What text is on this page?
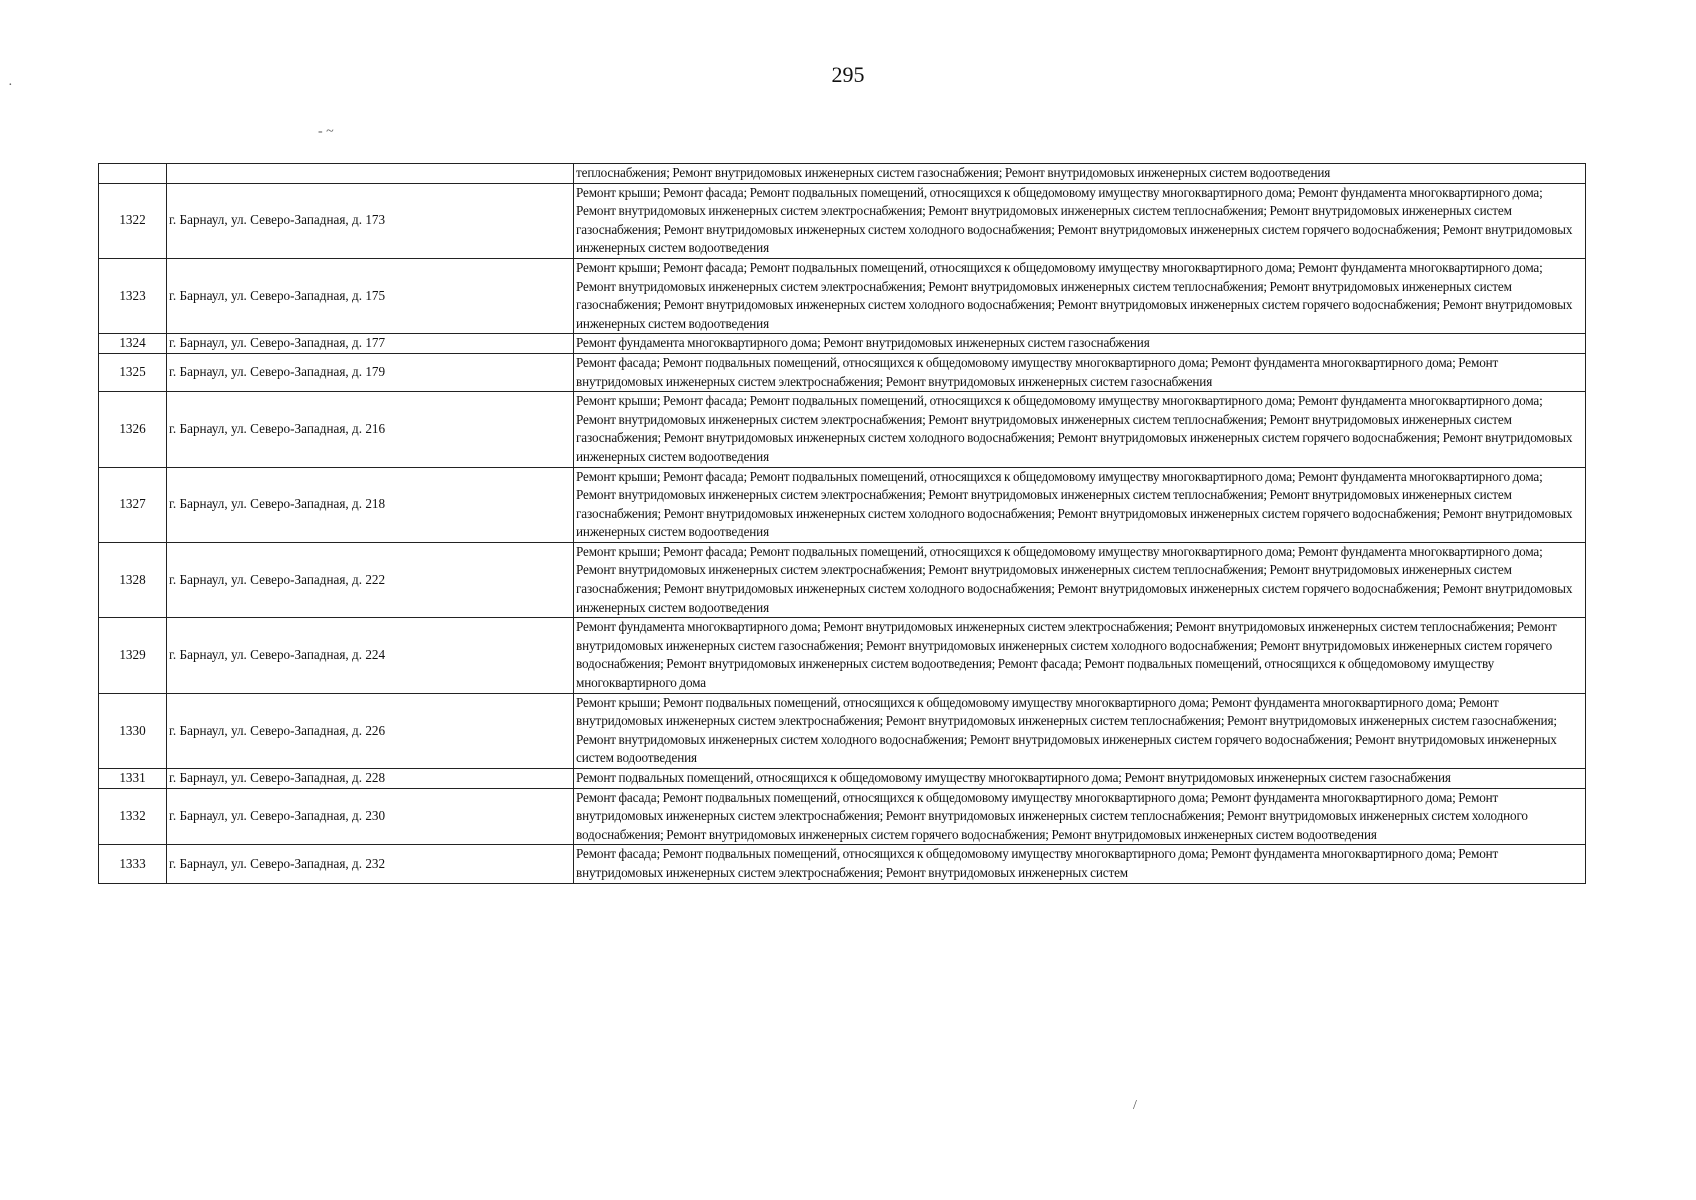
295
·
- ~
/
		теплоснабжения; Ремонт внутридомовых инженерных систем газоснабжения; Ремонт внутридомовых инженерных систем водоотведения
1322	г. Барнаул, ул. Северо-Западная, д. 173	Ремонт крыши; Ремонт фасада; Ремонт подвальных помещений, относящихся к общедомовому имуществу многоквартирного дома; Ремонт фундамента многоквартирного дома; Ремонт внутридомовых инженерных систем электроснабжения; Ремонт внутридомовых инженерных систем теплоснабжения; Ремонт внутридомовых инженерных систем газоснабжения; Ремонт внутридомовых инженерных систем холодного водоснабжения; Ремонт внутридомовых инженерных систем горячего водоснабжения; Ремонт внутридомовых инженерных систем водоотведения
1323	г. Барнаул, ул. Северо-Западная, д. 175	Ремонт крыши; Ремонт фасада; Ремонт подвальных помещений, относящихся к общедомовому имуществу многоквартирного дома; Ремонт фундамента многоквартирного дома; Ремонт внутридомовых инженерных систем электроснабжения; Ремонт внутридомовых инженерных систем теплоснабжения; Ремонт внутридомовых инженерных систем газоснабжения; Ремонт внутридомовых инженерных систем холодного водоснабжения; Ремонт внутридомовых инженерных систем горячего водоснабжения; Ремонт внутридомовых инженерных систем водоотведения
1324	г. Барнаул, ул. Северо-Западная, д. 177	Ремонт фундамента многоквартирного дома; Ремонт внутридомовых инженерных систем газоснабжения
1325	г. Барнаул, ул. Северо-Западная, д. 179	Ремонт фасада; Ремонт подвальных помещений, относящихся к общедомовому имуществу многоквартирного дома; Ремонт фундамента многоквартирного дома; Ремонт внутридомовых инженерных систем электроснабжения; Ремонт внутридомовых инженерных систем газоснабжения
1326	г. Барнаул, ул. Северо-Западная, д. 216	Ремонт крыши; Ремонт фасада; Ремонт подвальных помещений, относящихся к общедомовому имуществу многоквартирного дома; Ремонт фундамента многоквартирного дома; Ремонт внутридомовых инженерных систем электроснабжения; Ремонт внутридомовых инженерных систем теплоснабжения; Ремонт внутридомовых инженерных систем газоснабжения; Ремонт внутридомовых инженерных систем холодного водоснабжения; Ремонт внутридомовых инженерных систем горячего водоснабжения; Ремонт внутридомовых инженерных систем водоотведения
1327	г. Барнаул, ул. Северо-Западная, д. 218	Ремонт крыши; Ремонт фасада; Ремонт подвальных помещений, относящихся к общедомовому имуществу многоквартирного дома; Ремонт фундамента многоквартирного дома; Ремонт внутридомовых инженерных систем электроснабжения; Ремонт внутридомовых инженерных систем теплоснабжения; Ремонт внутридомовых инженерных систем газоснабжения; Ремонт внутридомовых инженерных систем холодного водоснабжения; Ремонт внутридомовых инженерных систем горячего водоснабжения; Ремонт внутридомовых инженерных систем водоотведения
1328	г. Барнаул, ул. Северо-Западная, д. 222	Ремонт крыши; Ремонт фасада; Ремонт подвальных помещений, относящихся к общедомовому имуществу многоквартирного дома; Ремонт фундамента многоквартирного дома; Ремонт внутридомовых инженерных систем электроснабжения; Ремонт внутридомовых инженерных систем теплоснабжения; Ремонт внутридомовых инженерных систем газоснабжения; Ремонт внутридомовых инженерных систем холодного водоснабжения; Ремонт внутридомовых инженерных систем горячего водоснабжения; Ремонт внутридомовых инженерных систем водоотведения
1329	г. Барнаул, ул. Северо-Западная, д. 224	Ремонт фундамента многоквартирного дома; Ремонт внутридомовых инженерных систем электроснабжения; Ремонт внутридомовых инженерных систем теплоснабжения; Ремонт внутридомовых инженерных систем газоснабжения; Ремонт внутридомовых инженерных систем холодного водоснабжения; Ремонт внутридомовых инженерных систем горячего водоснабжения; Ремонт внутридомовых инженерных систем водоотведения; Ремонт фасада; Ремонт подвальных помещений, относящихся к общедомовому имуществу многоквартирного дома
1330	г. Барнаул, ул. Северо-Западная, д. 226	Ремонт крыши; Ремонт подвальных помещений, относящихся к общедомовому имуществу многоквартирного дома; Ремонт фундамента многоквартирного дома; Ремонт внутридомовых инженерных систем электроснабжения; Ремонт внутридомовых инженерных систем теплоснабжения; Ремонт внутридомовых инженерных систем газоснабжения; Ремонт внутридомовых инженерных систем холодного водоснабжения; Ремонт внутридомовых инженерных систем горячего водоснабжения; Ремонт внутридомовых инженерных систем водоотведения
1331	г. Барнаул, ул. Северо-Западная, д. 228	Ремонт подвальных помещений, относящихся к общедомовому имуществу многоквартирного дома; Ремонт внутридомовых инженерных систем газоснабжения
1332	г. Барнаул, ул. Северо-Западная, д. 230	Ремонт фасада; Ремонт подвальных помещений, относящихся к общедомовому имуществу многоквартирного дома; Ремонт фундамента многоквартирного дома; Ремонт внутридомовых инженерных систем электроснабжения; Ремонт внутридомовых инженерных систем теплоснабжения; Ремонт внутридомовых инженерных систем холодного водоснабжения; Ремонт внутридомовых инженерных систем горячего водоснабжения; Ремонт внутридомовых инженерных систем водоотведения
1333	г. Барнаул, ул. Северо-Западная, д. 232	Ремонт фасада; Ремонт подвальных помещений, относящихся к общедомовому имуществу многоквартирного дома; Ремонт фундамента многоквартирного дома; Ремонт внутридомовых инженерных систем электроснабжения; Ремонт внутридомовых инженерных систем
